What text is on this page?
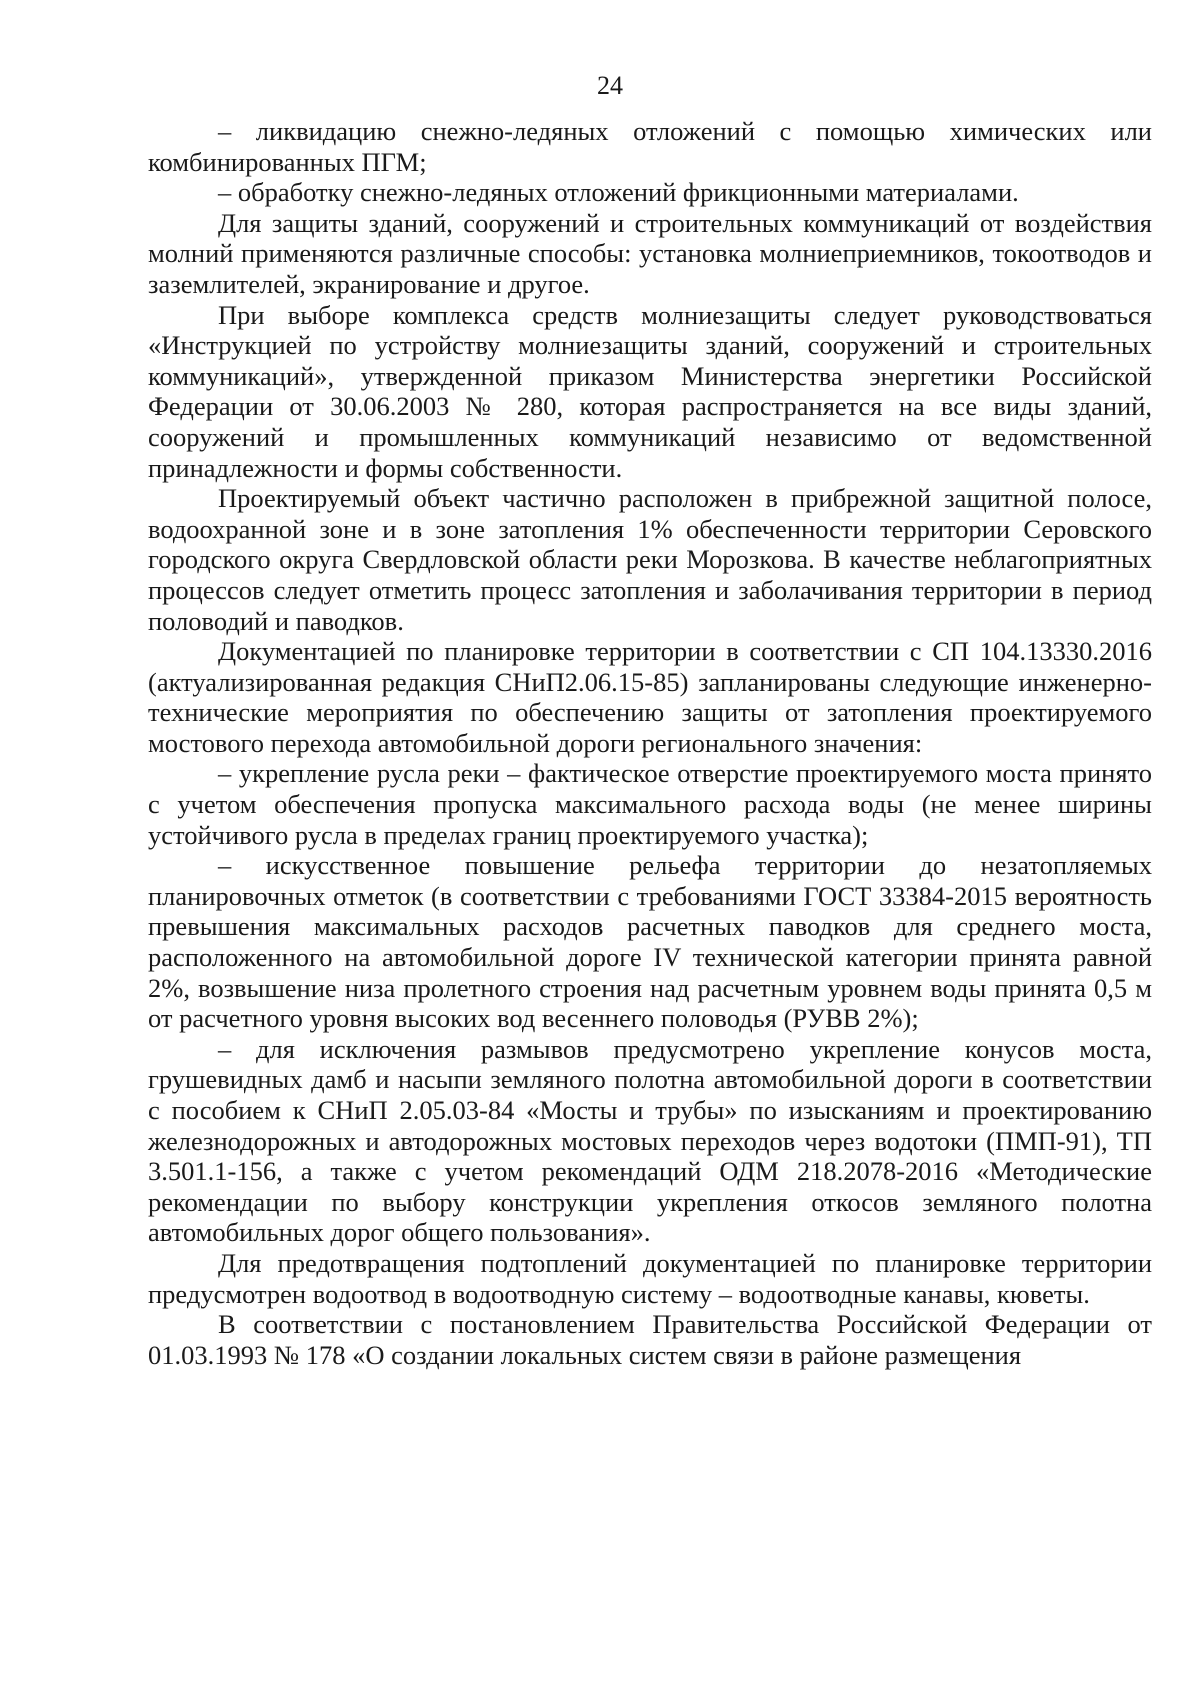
24

– ликвидацию снежно-ледяных отложений с помощью химических или комбинированных ПГМ;

– обработку снежно-ледяных отложений фрикционными материалами.

Для защиты зданий, сооружений и строительных коммуникаций от воздействия молний применяются различные способы: установка молниеприемников, токоотводов и заземлителей, экранирование и другое.

При выборе комплекса средств молниезащиты следует руководствоваться «Инструкцией по устройству молниезащиты зданий, сооружений и строительных коммуникаций», утвержденной приказом Министерства энергетики Российской Федерации от 30.06.2003 № 280, которая распространяется на все виды зданий, сооружений и промышленных коммуникаций независимо от ведомственной принадлежности и формы собственности.

Проектируемый объект частично расположен в прибрежной защитной полосе, водоохранной зоне и в зоне затопления 1% обеспеченности территории Серовского городского округа Свердловской области реки Морозкова. В качестве неблагоприятных процессов следует отметить процесс затопления и заболачивания территории в период половодий и паводков.

Документацией по планировке территории в соответствии с СП 104.13330.2016 (актуализированная редакция СНиП2.06.15-85) запланированы следующие инженерно-технические мероприятия по обеспечению защиты от затопления проектируемого мостового перехода автомобильной дороги регионального значения:

– укрепление русла реки – фактическое отверстие проектируемого моста принято с учетом обеспечения пропуска максимального расхода воды (не менее ширины устойчивого русла в пределах границ проектируемого участка);

– искусственное повышение рельефа территории до незатопляемых планировочных отметок (в соответствии с требованиями ГОСТ 33384-2015 вероятность превышения максимальных расходов расчетных паводков для среднего моста, расположенного на автомобильной дороге IV технической категории принята равной 2%, возвышение низа пролетного строения над расчетным уровнем воды принята 0,5 м от расчетного уровня высоких вод весеннего половодья (РУВВ 2%);

– для исключения размывов предусмотрено укрепление конусов моста, грушевидных дамб и насыпи земляного полотна автомобильной дороги в соответствии с пособием к СНиП 2.05.03-84 «Мосты и трубы» по изысканиям и проектированию железнодорожных и автодорожных мостовых переходов через водотоки (ПМП-91), ТП 3.501.1-156, а также с учетом рекомендаций ОДМ 218.2078-2016 «Методические рекомендации по выбору конструкции укрепления откосов земляного полотна автомобильных дорог общего пользования».

Для предотвращения подтоплений документацией по планировке территории предусмотрен водоотвод в водоотводную систему – водоотводные канавы, кюветы.

В соответствии с постановлением Правительства Российской Федерации от 01.03.1993 № 178 «О создании локальных систем связи в районе размещения
